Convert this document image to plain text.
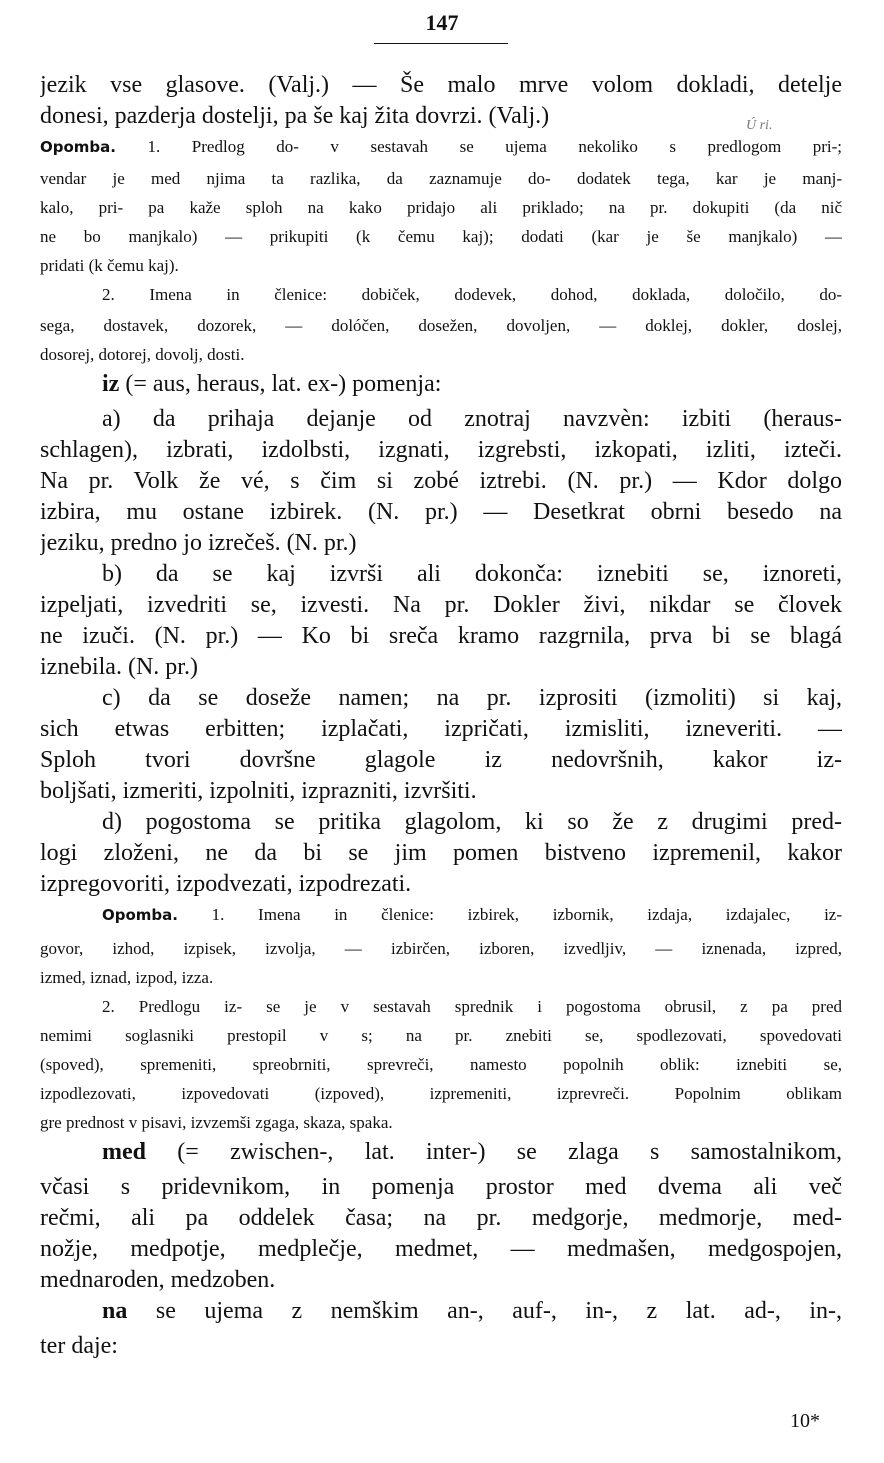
147
Ú ri.
jezik vse glasove. (Valj.) — Še malo mrve volom dokladi, detelje
donesi, pazderja dostelji, pa še kaj žita dovrzi. (Valj.)
Opomba. 1. Predlog do- v sestavah se ujema nekoliko s predlogom pri-;
vendar je med njima ta razlika, da zaznamuje do- dodatek tega, kar je manj-
kalo, pri- pa kaže sploh na kako pridajo ali priklado; na pr. dokupiti (da nič
ne bo manjkalo) — prikupiti (k čemu kaj); dodati (kar je še manjkalo) —
pridati (k čemu kaj).
2. Imena in členice: dobiček, dodevek, dohod, doklada, določilo, do-
sega, dostavek, dozorek, — dolóčen, dosežen, dovoljen, — doklej, dokler, doslej,
dosorej, dotorej, dovolj, dosti.
iz (= aus, heraus, lat. ex-) pomenja:
a) da prihaja dejanje od znotraj navzvèn: izbiti (heraus-
schlagen), izbrati, izdolbsti, izgnati, izgrebsti, izkopati, izliti, izteči.
Na pr. Volk že vé, s čim si zobé iztrebi. (N. pr.) — Kdor dolgo
izbira, mu ostane izbirek. (N. pr.) — Desetkrat obrni besedo na
jeziku, predno jo izrečeš. (N. pr.)
b) da se kaj izvrši ali dokonča: iznebiti se, iznoreti,
izpeljati, izvedriti se, izvesti. Na pr. Dokler živi, nikdar se človek
ne izuči. (N. pr.) — Ko bi sreča kramo razgrnila, prva bi se blagá
iznebila. (N. pr.)
c) da se doseže namen; na pr. izprositi (izmoliti) si kaj,
sich etwas erbitten; izplačati, izpričati, izmisliti, izneveriti. —
Sploh tvori dovršne glagole iz nedovršnih, kakor iz-
boljšati, izmeriti, izpolniti, izprazniti, izvršiti.
d) pogostoma se pritika glagolom, ki so že z drugimi pred-
logi zloženi, ne da bi se jim pomen bistveno izpremenil, kakor
izpregovoriti, izpodvezati, izpodrezati.
Opomba. 1. Imena in členice: izbirek, izbornik, izdaja, izdajalec, iz-
govor, izhod, izpisek, izvolja, — izbirčen, izboren, izvedljiv, — iznenada, izpred,
izmed, iznad, izpod, izza.
2. Predlogu iz- se je v sestavah sprednik i pogostoma obrusil, z pa pred
nemimi soglasniki prestopil v s; na pr. znebiti se, spodlezovati, spovedovati
(spoved), spremeniti, spreobrniti, sprevreči, namesto popolnih oblik: iznebiti se,
izpodlezovati, izpovedovati (izpoved), izpremeniti, izprevreči. Popolnim oblikam
gre prednost v pisavi, izvzemši zgaga, skaza, spaka.
med (= zwischen-, lat. inter-) se zlaga s samostalnikom,
včasi s pridevnikom, in pomenja prostor med dvema ali več
rečmi, ali pa oddelek časa; na pr. medgorje, medmorje, med-
nožje, medpotje, medplečje, medmet, — medmašen, medgospojen,
mednaroden, medzoben.
na se ujema z nemškim an-, auf-, in-, z lat. ad-, in-,
ter daje:
10*
